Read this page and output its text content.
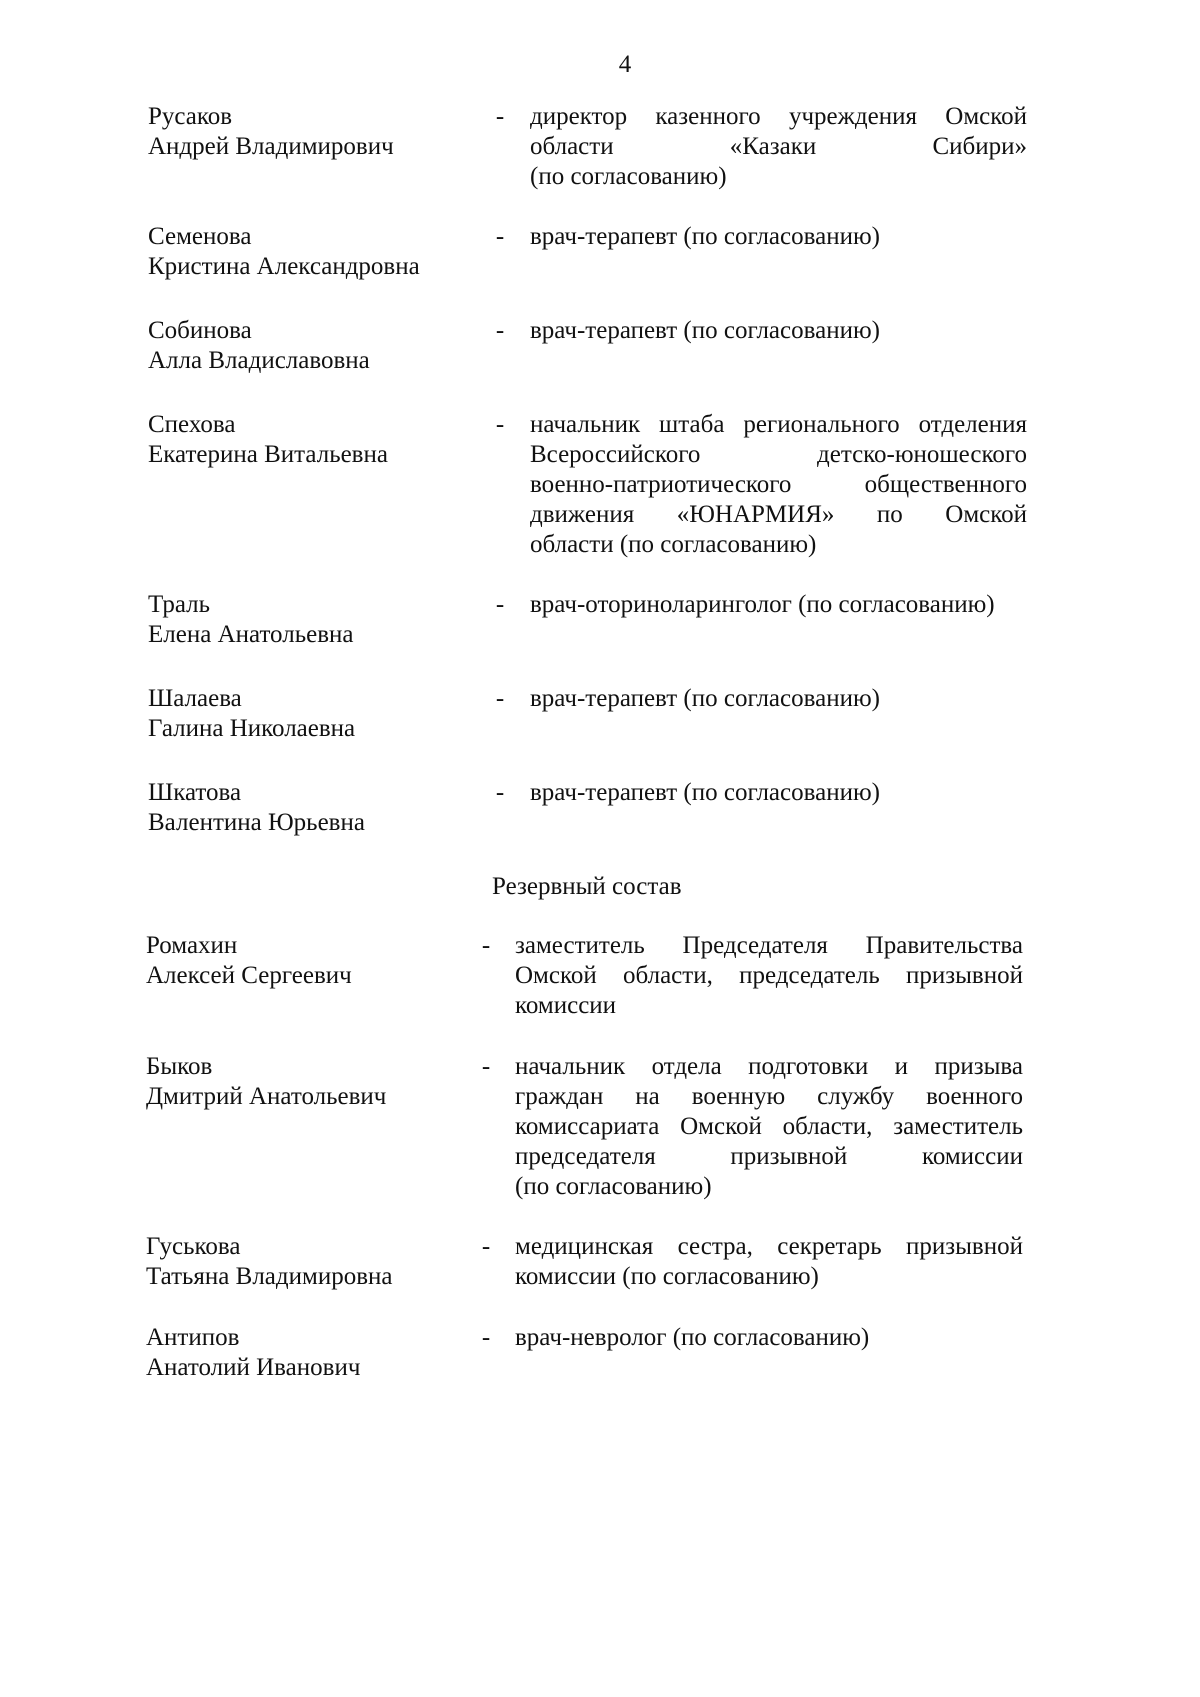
4
Русаков
Андрей Владимирович
- директор казенного учреждения Омской
области «Казаки Сибири»
(по согласованию)
Семенова
Кристина Александровна
- врач-терапевт (по согласованию)
Собинова
Алла Владиславовна
- врач-терапевт (по согласованию)
Спехова
Екатерина Витальевна
- начальник штаба регионального отделения
Всероссийского детско-юношеского
военно-патриотического общественного
движения «ЮНАРМИЯ» по Омской
области (по согласованию)
Траль
Елена Анатольевна
- врач-оториноларинголог (по согласованию)
Шалаева
Галина Николаевна
- врач-терапевт (по согласованию)
Шкатова
Валентина Юрьевна
- врач-терапевт (по согласованию)
Резервный состав
Ромахин
Алексей Сергеевич
- заместитель Председателя Правительства
Омской области, председатель призывной
комиссии
Быков
Дмитрий Анатольевич
- начальник отдела подготовки и призыва
граждан на военную службу военного
комиссариата Омской области, заместитель
председателя призывной комиссии
(по согласованию)
Гуськова
Татьяна Владимировна
- медицинская сестра, секретарь призывной
комиссии (по согласованию)
Антипов
Анатолий Иванович
- врач-невролог (по согласованию)
